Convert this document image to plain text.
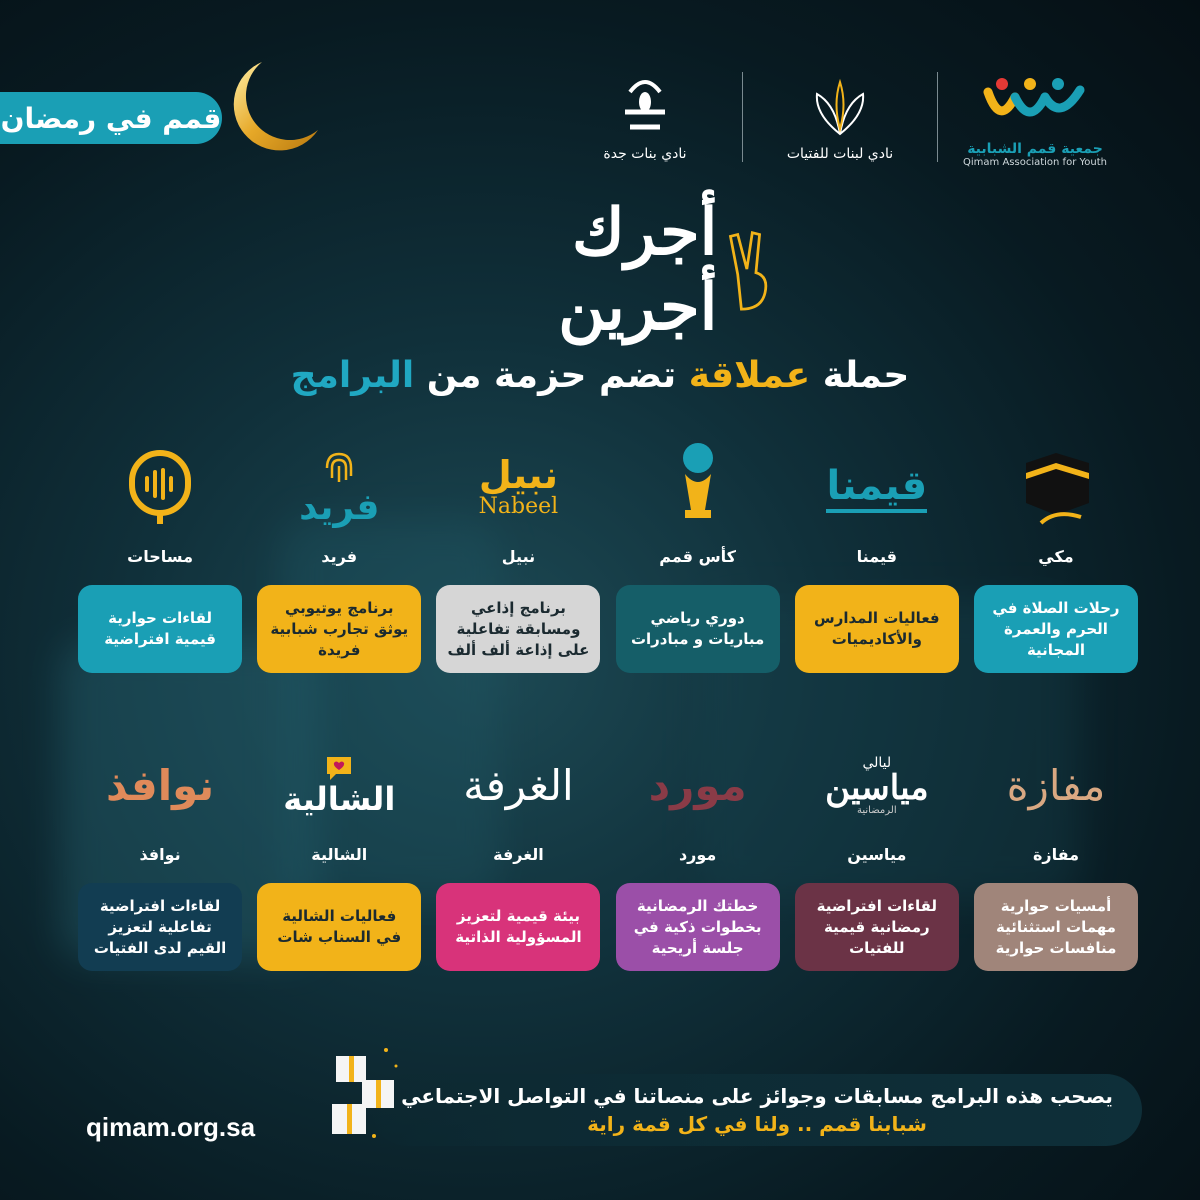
قمم في رمضان
جمعية قمم الشبابية
Qimam Association for Youth
نادي لبنات للفتيات
نادي بنات جدة
أجرك أجرين
حملة عملاقة تضم حزمة من البرامج
مكي
رحلات الصلاة في
الحرم والعمرة
المجانية
قيمنا
قيمنا
فعاليات المدارس
والأكاديميات
كأس قمم
دوري رياضي
مباريات و مبادرات
نبيل
Nabeel
نبيل
برنامج إذاعي
ومسابقة تفاعلية
على إذاعة ألف ألف
فريد
فريد
برنامج يوتيوبي
يوثق تجارب شبابية
فريدة
مساحات
لقاءات حوارية
قيمية افتراضية
مفازة
مفازة
أمسيات حوارية
مهمات استثنائية
منافسات حوارية
ليالي
مياسين
الرمضانية
مياسين
لقاءات افتراضية
رمضانية قيمية
للفتيات
مورد
مورد
خطتك الرمضانية
بخطوات ذكية في
جلسة أريحية
الغرفة
الغرفة
بيئة قيمية لتعزيز
المسؤولية الذاتية
الشالية
الشالية
فعاليات الشالية
في السناب شات
نوافذ
نوافذ
لقاءات افتراضية
تفاعلية لتعزيز
القيم لدى الفتيات
يصحب هذه البرامج مسابقات وجوائز على منصاتنا في التواصل الاجتماعي
شبابنا قمم .. ولنا في كل قمة راية
qimam.org.sa
